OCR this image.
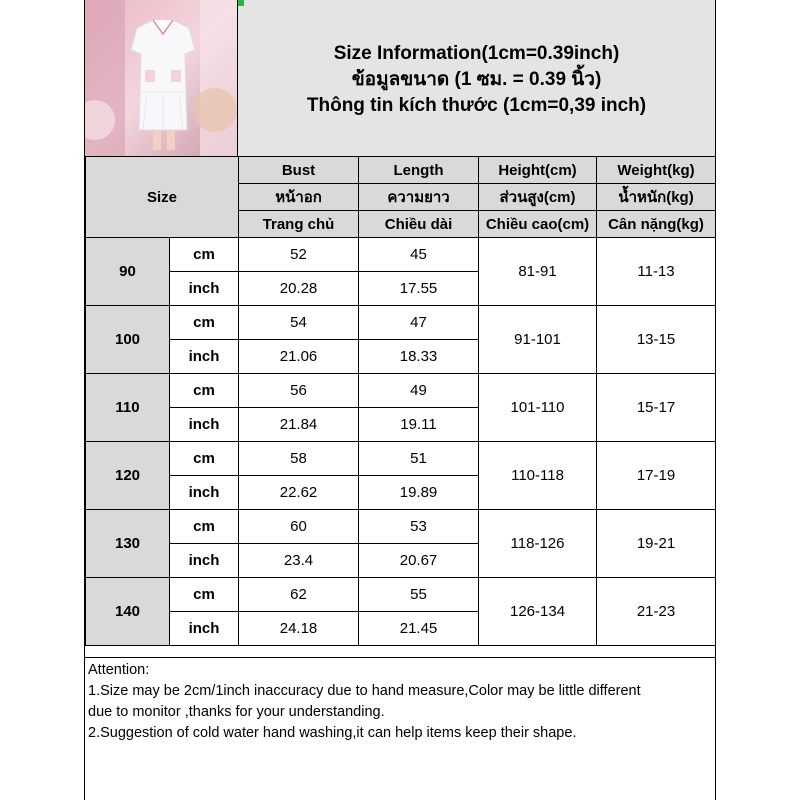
Size Information(1cm=0.39inch)
ข้อมูลขนาด (1 ซม. = 0.39 นิ้ว)
Thông tin kích thước (1cm=0,39 inch)
Size		Bust	Length	Height(cm)	Weight(kg)
		หน้าอก	ความยาว	ส่วนสูง(cm)	น้ำหนัก(kg)
		Trang chủ	Chiều dài	Chiều cao(cm)	Cân nặng(kg)
90	cm	52	45	81-91	11-13
	inch	20.28	17.55		
100	cm	54	47	91-101	13-15
	inch	21.06	18.33		
110	cm	56	49	101-110	15-17
	inch	21.84	19.11		
120	cm	58	51	110-118	17-19
	inch	22.62	19.89		
130	cm	60	53	118-126	19-21
	inch	23.4	20.67		
140	cm	62	55	126-134	21-23
	inch	24.18	21.45		
Attention:
1.Size may be 2cm/1inch inaccuracy due to hand measure,Color may be little different
due to monitor ,thanks for your understanding.
2.Suggestion of cold water hand washing,it can help items keep their shape.
